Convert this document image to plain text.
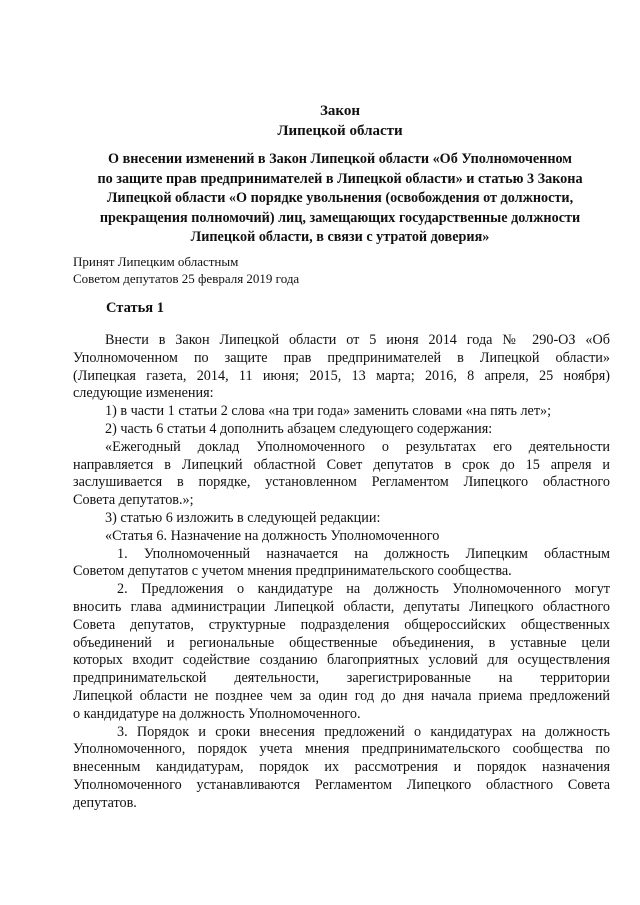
Закон
Липецкой области
О внесении изменений в Закон Липецкой области «Об Уполномоченном
по защите прав предпринимателей в Липецкой области» и статью 3 Закона
Липецкой области «О порядке увольнения (освобождения от должности,
прекращения полномочий) лиц, замещающих государственные должности
Липецкой области, в связи с утратой доверия»
Принят Липецким областным
Советом депутатов 25 февраля 2019 года
Статья 1
Внести в Закон Липецкой области от 5 июня 2014 года № 290-ОЗ «Об
Уполномоченном по защите прав предпринимателей в Липецкой области»
(Липецкая газета, 2014, 11 июня; 2015, 13 марта; 2016, 8 апреля, 25 ноября)
следующие изменения:
1) в части 1 статьи 2 слова «на три года» заменить словами «на пять лет»;
2) часть 6 статьи 4 дополнить абзацем следующего содержания:
«Ежегодный доклад Уполномоченного о результатах его деятельности
направляется в Липецкий областной Совет депутатов в срок до 15 апреля и
заслушивается в порядке, установленном Регламентом Липецкого областного
Совета депутатов.»;
3) статью 6 изложить в следующей редакции:
«Статья 6. Назначение на должность Уполномоченного
1. Уполномоченный назначается на должность Липецким областным
Советом депутатов с учетом мнения предпринимательского сообщества.
2. Предложения о кандидатуре на должность Уполномоченного могут
вносить глава администрации Липецкой области, депутаты Липецкого областного
Совета депутатов, структурные подразделения общероссийских общественных
объединений и региональные общественные объединения, в уставные цели
которых входит содействие созданию благоприятных условий для осуществления
предпринимательской деятельности, зарегистрированные на территории
Липецкой области не позднее чем за один год до дня начала приема предложений
о кандидатуре на должность Уполномоченного.
3. Порядок и сроки внесения предложений о кандидатурах на должность
Уполномоченного, порядок учета мнения предпринимательского сообщества по
внесенным кандидатурам, порядок их рассмотрения и порядок назначения
Уполномоченного устанавливаются Регламентом Липецкого областного Совета
депутатов.
